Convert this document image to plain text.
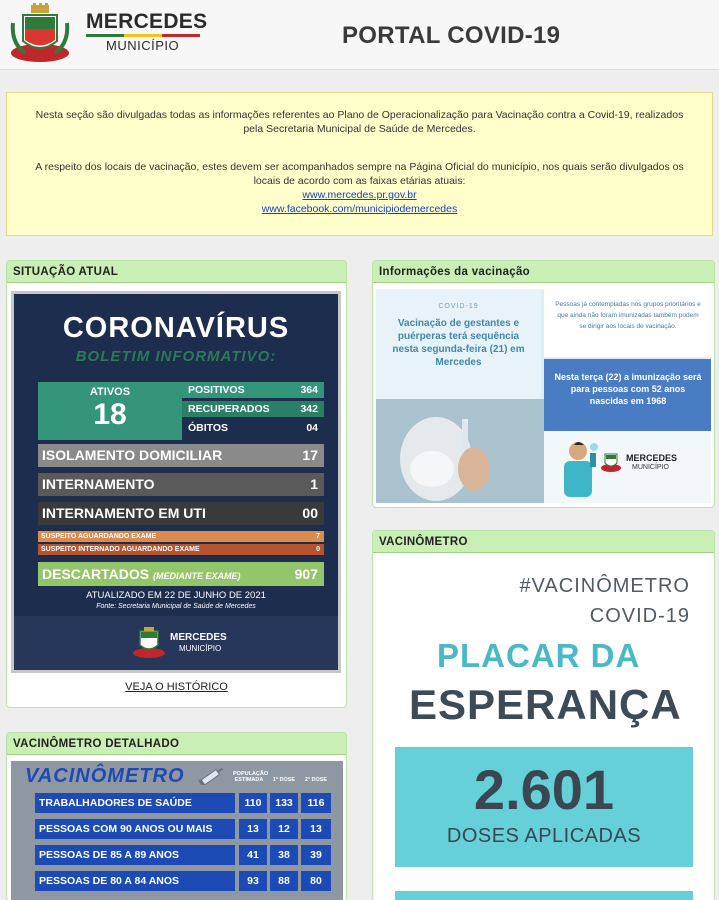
MERCEDES
MUNICÍPIO	PORTAL COVID-19

Nesta seção são divulgadas todas as informações referentes ao Plano de Operacionalização para Vacinação contra a Covid-19, realizados pela Secretaria Municipal de Saúde de Mercedes.

A respeito dos locais de vacinação, estes devem ser acompanhados sempre na Página Oficial do município, nos quais serão divulgados os locais de acordo com as faixas etárias atuais:

www.mercedes.pr.gov.br
www.facebook.com/municipiodemercedes
SITUAÇÃO ATUAL
CORONAVÍRUS
BOLETIM INFORMATIVO:
ATIVOS
18
POSITIVOS	364
RECUPERADOS	342
ÓBITOS	04
ISOLAMENTO DOMICILIAR	17
INTERNAMENTO	1
INTERNAMENTO EM UTI	00
SUSPEITO AGUARDANDO EXAME	7
SUSPEITO INTERNADO AGUARDANDO EXAME	0
DESCARTADOS (MEDIANTE EXAME)	907
ATUALIZADO EM 22 DE JUNHO DE 2021
Fonte: Secretaria Municipal de Saúde de Mercedes
MERCEDES
MUNICÍPIO
VEJA O HISTÓRICO
Informações da vacinação
COVID-19
Vacinação de gestantes e puérperas terá sequência nesta segunda-feira (21) em Mercedes
Pessoas já contempladas nos grupos prioritários e que ainda não foram imunizadas também podem se dirigir aos locais de vacinação.
Nesta terça (22) a imunização será para pessoas com 52 anos nascidas em 1968
MERCEDES
MUNICÍPIO
VACINÔMETRO
#VACINÔMETRO
COVID-19
PLACAR DA
ESPERANÇA
2.601
DOSES APLICADAS
VACINÔMETRO DETALHADO
VACINÔMETRO	POPULAÇÃO ESTIMADA	1ª DOSE	2ª DOSE
TRABALHADORES DE SAÚDE	110	133	116
PESSOAS COM 90 ANOS OU MAIS	13	12	13
PESSOAS DE 85 A 89 ANOS	41	38	39
PESSOAS DE 80 A 84 ANOS	93	88	80
